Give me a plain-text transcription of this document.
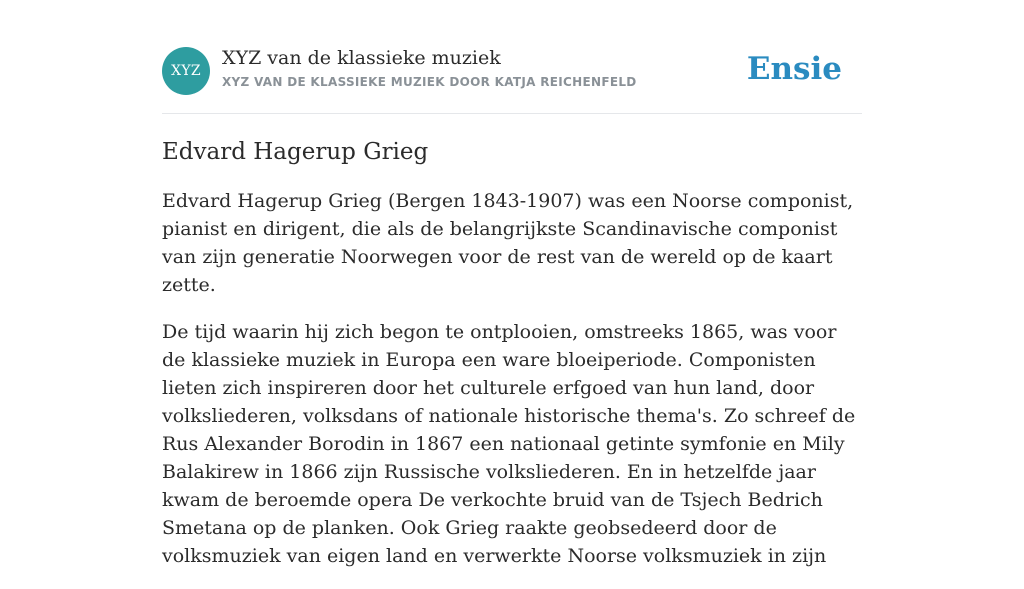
XYZ
XYZ van de klassieke muziek
XYZ VAN DE KLASSIEKE MUZIEK DOOR KATJA REICHENFELD	Ensie
Edvard Hagerup Grieg

Edvard Hagerup Grieg (Bergen 1843-1907) was een Noorse componist, pianist en dirigent, die als de belangrijkste Scandinavische componist van zijn generatie Noorwegen voor de rest van de wereld op de kaart zette.

De tijd waarin hij zich begon te ontplooien, omstreeks 1865, was voor de klassieke muziek in Europa een ware bloeiperiode. Componisten lieten zich inspireren door het culturele erfgoed van hun land, door volksliederen, volksdans of nationale historische thema's. Zo schreef de Rus Alexander Borodin in 1867 een nationaal getinte symfonie en Mily Balakirew in 1866 zijn Russische volksliederen. En in hetzelfde jaar kwam de beroemde opera De verkochte bruid van de Tsjech Bedrich Smetana op de planken. Ook Grieg raakte geobsedeerd door de volksmuziek van eigen land en verwerkte Noorse volksmuziek in zijn
